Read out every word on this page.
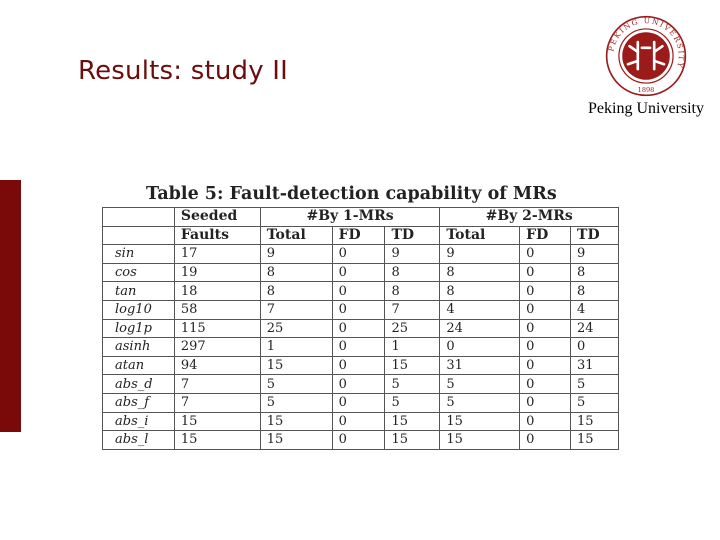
Results: study II
PEKING UNIVERSITY
1898
Peking University
Table 5: Fault-detection capability of MRs
	Seeded	#By 1-MRs			#By 2-MRs		
	Faults	Total	FD	TD	Total	FD	TD
sin	17	9	0	9	9	0	9
cos	19	8	0	8	8	0	8
tan	18	8	0	8	8	0	8
log10	58	7	0	7	4	0	4
log1p	115	25	0	25	24	0	24
asinh	297	1	0	1	0	0	0
atan	94	15	0	15	31	0	31
abs_d	7	5	0	5	5	0	5
abs_f	7	5	0	5	5	0	5
abs_i	15	15	0	15	15	0	15
abs_l	15	15	0	15	15	0	15
